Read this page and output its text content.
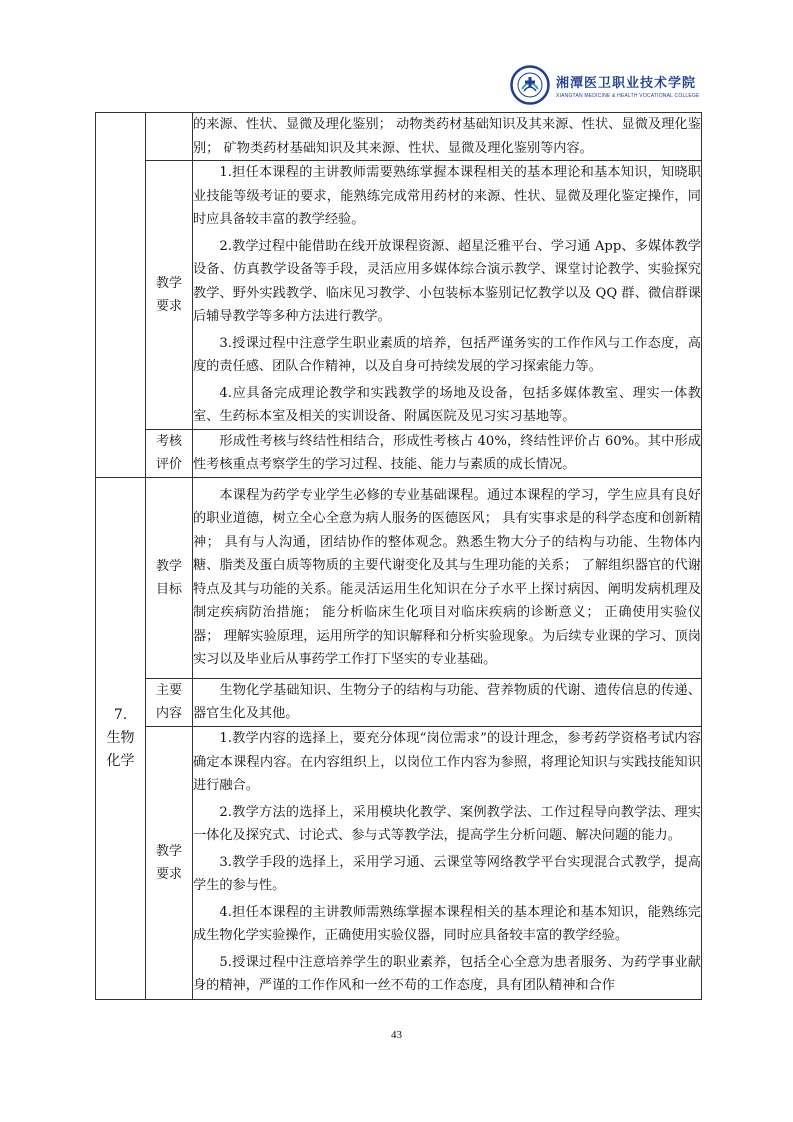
湘潭医卫职业技术学院
XIANGTAN MEDICINE & HEALTH VOCATIONAL COLLEGE

		的来源、性状、显微及理化鉴别； 动物类药材基础知识及其来源、性状、显微及理化鉴别； 矿物类药材基础知识及其来源、性状、显微及理化鉴别等内容。

	教学要求	1.担任本课程的主讲教师需要熟练掌握本课程相关的基本理论和基本知识，知晓职业技能等级考证的要求，能熟练完成常用药材的来源、性状、显微及理化鉴定操作，同时应具备较丰富的教学经验。

2.教学过程中能借助在线开放课程资源、超星泛雅平台、学习通 App、多媒体教学设备、仿真教学设备等手段，灵活应用多媒体综合演示教学、课堂讨论教学、实验探究教学、野外实践教学、临床见习教学、小包装标本鉴别记忆教学以及 QQ 群、微信群课后辅导教学等多种方法进行教学。

3.授课过程中注意学生职业素质的培养，包括严谨务实的工作作风与工作态度，高度的责任感、团队合作精神，以及自身可持续发展的学习探索能力等。

4.应具备完成理论教学和实践教学的场地及设备，包括多媒体教室、理实一体教室、生药标本室及相关的实训设备、附属医院及见习实习基地等。

	考核评价	形成性考核与终结性相结合，形成性考核占 40%，终结性评价占 60%。其中形成性考核重点考察学生的学习过程、技能、能力与素质的成长情况。

7.
生物化学	教学目标	本课程为药学专业学生必修的专业基础课程。通过本课程的学习，学生应具有良好的职业道德，树立全心全意为病人服务的医德医风； 具有实事求是的科学态度和创新精神； 具有与人沟通，团结协作的整体观念。熟悉生物大分子的结构与功能、生物体内糖、脂类及蛋白质等物质的主要代谢变化及其与生理功能的关系； 了解组织器官的代谢特点及其与功能的关系。能灵活运用生化知识在分子水平上探讨病因、阐明发病机理及制定疾病防治措施； 能分析临床生化项目对临床疾病的诊断意义； 正确使用实验仪器； 理解实验原理，运用所学的知识解释和分析实验现象。为后续专业课的学习、顶岗实习以及毕业后从事药学工作打下坚实的专业基础。

	主要内容	生物化学基础知识、生物分子的结构与功能、营养物质的代谢、遗传信息的传递、器官生化及其他。

	教学要求	1.教学内容的选择上，要充分体现“岗位需求”的设计理念，参考药学资格考试内容确定本课程内容。在内容组织上，以岗位工作内容为参照，将理论知识与实践技能知识进行融合。

2.教学方法的选择上，采用模块化教学、案例教学法、工作过程导向教学法、理实一体化及探究式、讨论式、参与式等教学法，提高学生分析问题、解决问题的能力。

3.教学手段的选择上，采用学习通、云课堂等网络教学平台实现混合式教学，提高学生的参与性。

4.担任本课程的主讲教师需熟练掌握本课程相关的基本理论和基本知识，能熟练完成生物化学实验操作，正确使用实验仪器，同时应具备较丰富的教学经验。

5.授课过程中注意培养学生的职业素养，包括全心全意为患者服务、为药学事业献身的精神，严谨的工作作风和一丝不苟的工作态度，具有团队精神和合作

43
